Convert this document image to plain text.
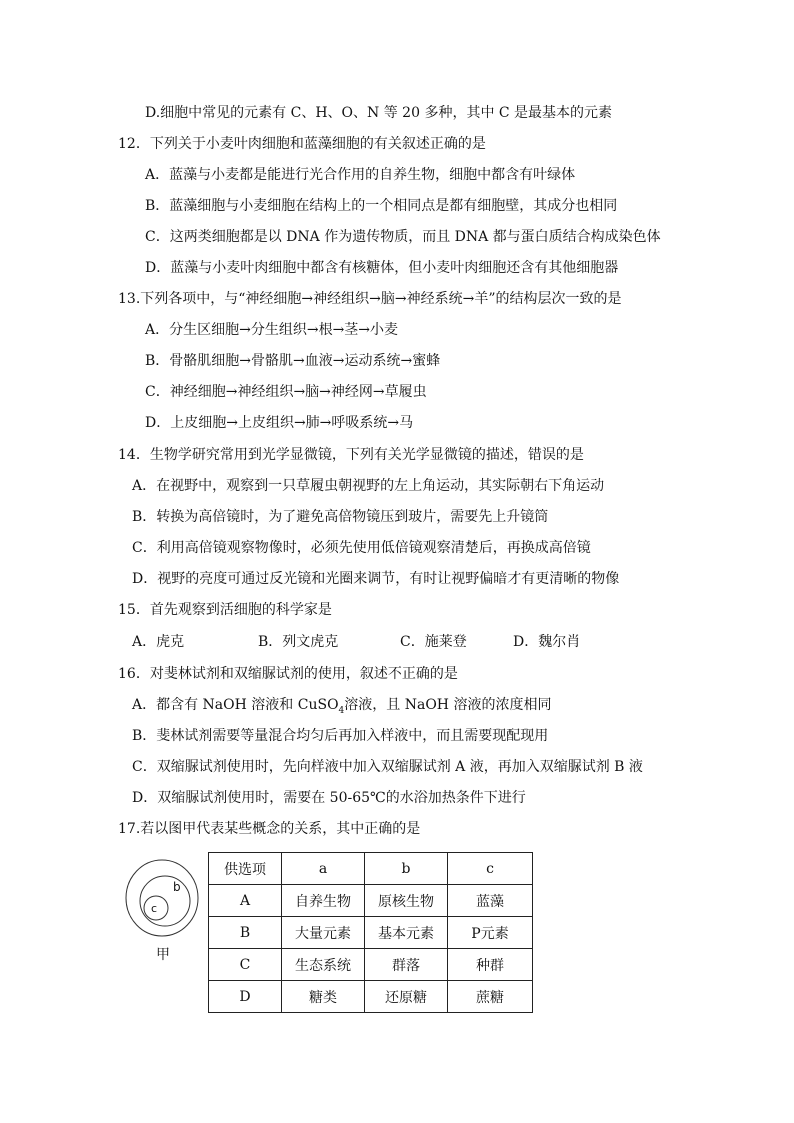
D.细胞中常见的元素有 C、H、O、N 等 20 多种，其中 C 是最基本的元素
12．下列关于小麦叶肉细胞和蓝藻细胞的有关叙述正确的是
A．蓝藻与小麦都是能进行光合作用的自养生物，细胞中都含有叶绿体
B．蓝藻细胞与小麦细胞在结构上的一个相同点是都有细胞壁，其成分也相同
C．这两类细胞都是以 DNA 作为遗传物质，而且 DNA 都与蛋白质结合构成染色体
D．蓝藻与小麦叶肉细胞中都含有核糖体，但小麦叶肉细胞还含有其他细胞器
13.下列各项中，与“神经细胞→神经组织→脑→神经系统→羊”的结构层次一致的是
A．分生区细胞→分生组织→根→茎→小麦
B．骨骼肌细胞→骨骼肌→血液→运动系统→蜜蜂
C．神经细胞→神经组织→脑→神经网→草履虫
D．上皮细胞→上皮组织→肺→呼吸系统→马
14．生物学研究常用到光学显微镜，下列有关光学显微镜的描述，错误的是
A．在视野中，观察到一只草履虫朝视野的左上角运动，其实际朝右下角运动
B．转换为高倍镜时，为了避免高倍物镜压到玻片，需要先上升镜筒
C．利用高倍镜观察物像时，必须先使用低倍镜观察清楚后，再换成高倍镜
D．视野的亮度可通过反光镜和光圈来调节，有时让视野偏暗才有更清晰的物像
15．首先观察到活细胞的科学家是
A．虎克	B．列文虎克	C．施莱登	D．魏尔肖
16．对斐林试剂和双缩脲试剂的使用，叙述不正确的是
A．都含有 NaOH 溶液和 CuSO$_4$溶液，且 NaOH 溶液的浓度相同
B．斐林试剂需要等量混合均匀后再加入样液中，而且需要现配现用
C．双缩脲试剂使用时，先向样液中加入双缩脲试剂 A 液，再加入双缩脲试剂 B 液
D．双缩脲试剂使用时，需要在 50-65℃的水浴加热条件下进行
17.若以图甲代表某些概念的关系，其中正确的是
b
c
甲
供选项	a	b	c
A	自养生物	原核生物	蓝藻
B	大量元素	基本元素	P元素
C	生态系统	群落	种群
D	糖类	还原糖	蔗糖
